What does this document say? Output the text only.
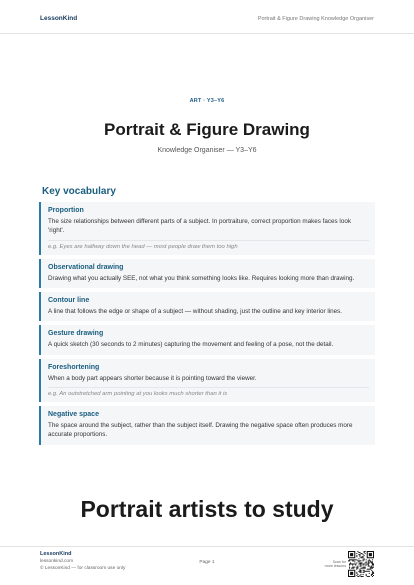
LessonKind	Portrait & Figure Drawing Knowledge Organiser
ART · Y3–Y6
Portrait & Figure Drawing
Knowledge Organiser — Y3–Y6
Key vocabulary
Proportion
The size relationships between different parts of a subject. In portraiture, correct proportion makes faces look 'right'.
e.g. Eyes are halfway down the head — most people draw them too high
Observational drawing
Drawing what you actually SEE, not what you think something looks like. Requires looking more than drawing.
Contour line
A line that follows the edge or shape of a subject — without shading, just the outline and key interior lines.
Gesture drawing
A quick sketch (30 seconds to 2 minutes) capturing the movement and feeling of a pose, not the detail.
Foreshortening
When a body part appears shorter because it is pointing toward the viewer.
e.g. An outstretched arm pointing at you looks much shorter than it is
Negative space
The space around the subject, rather than the subject itself. Drawing the negative space often produces more accurate proportions.
Portrait artists to study
LessonKind
lessonkind.com
© LessonKind — for classroom use only
Page 1	Scan for
more lessons
